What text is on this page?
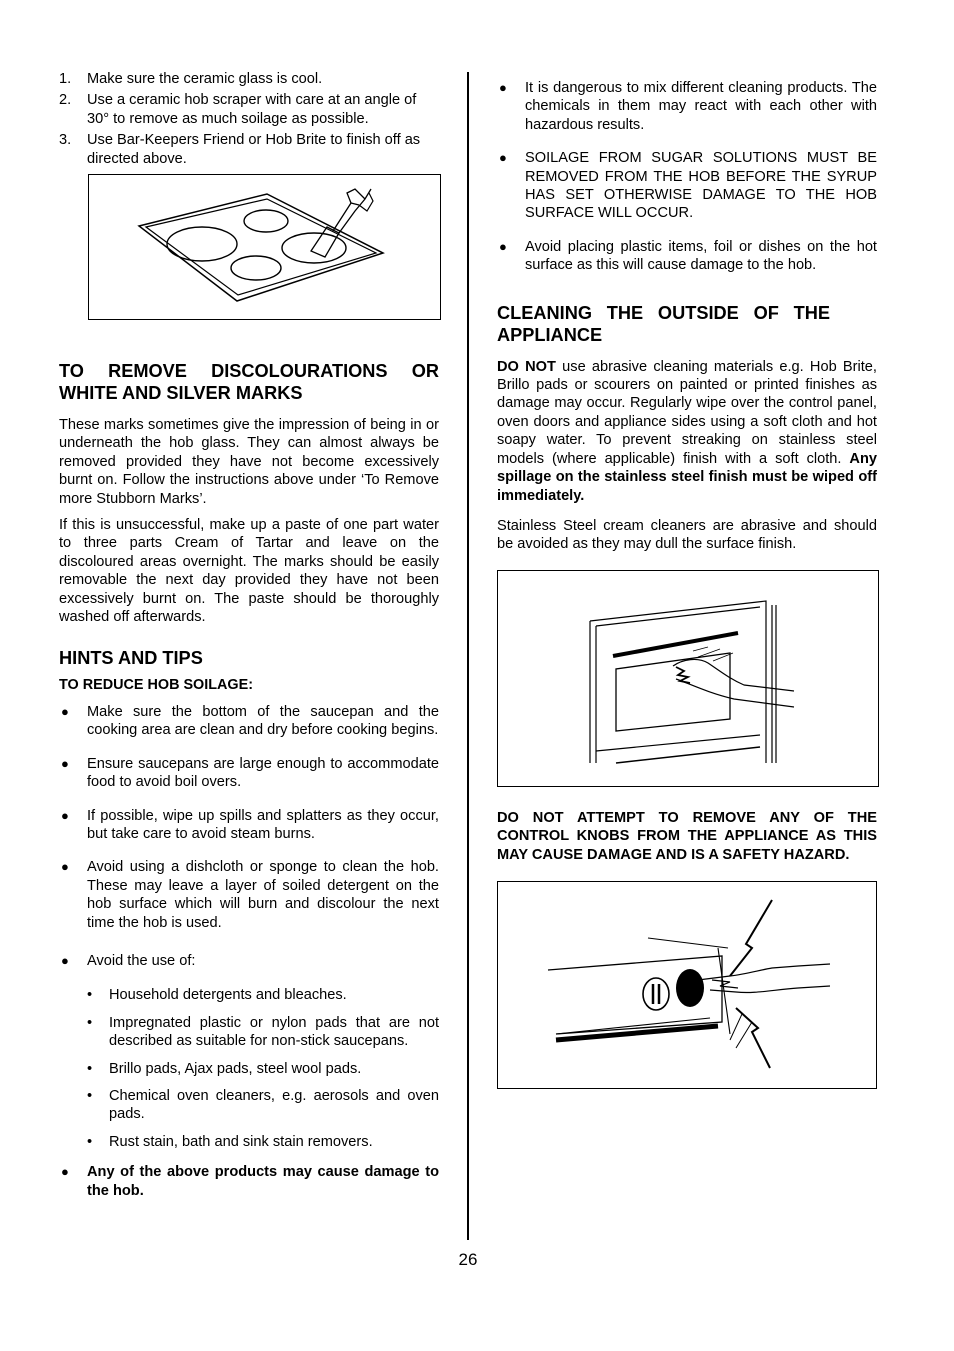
1. Make sure the ceramic glass is cool.
2. Use a ceramic hob scraper with care at an angle of 30° to remove as much soilage as possible.
3. Use Bar-Keepers Friend or Hob Brite to finish off as directed above.
TO REMOVE DISCOLOURATIONS OR
WHITE AND SILVER MARKS

These marks sometimes give the impression of being in or underneath the hob glass. They can almost always be removed provided they have not become excessively burnt on. Follow the instructions above under ‘To Remove more Stubborn Marks’.

If this is unsuccessful, make up a paste of one part water to three parts Cream of Tartar and leave on the discoloured areas overnight. The marks should be easily removable the next day provided they have not been excessively burnt on. The paste should be thoroughly washed off afterwards.

HINTS AND TIPS

TO REDUCE HOB SOILAGE:

● Make sure the bottom of the saucepan and the cooking area are clean and dry before cooking begins.
● Ensure saucepans are large enough to accommodate food to avoid boil overs.
● If possible, wipe up spills and splatters as they occur, but take care to avoid steam burns.
● Avoid using a dishcloth or sponge to clean the hob. These may leave a layer of soiled detergent on the hob surface which will burn and discolour the next time the hob is used.
● Avoid the use of:
• Household detergents and bleaches.
• Impregnated plastic or nylon pads that are not described as suitable for non-stick saucepans.
• Brillo pads, Ajax pads, steel wool pads.
• Chemical oven cleaners, e.g. aerosols and oven pads.
• Rust stain, bath and sink stain removers.
● Any of the above products may cause damage to the hob.
● It is dangerous to mix different cleaning products. The chemicals in them may react with each other with hazardous results.
● SOILAGE FROM SUGAR SOLUTIONS MUST BE REMOVED FROM THE HOB BEFORE THE SYRUP HAS SET OTHERWISE DAMAGE TO THE HOB SURFACE WILL OCCUR.
● Avoid placing plastic items, foil or dishes on the hot surface as this will cause damage to the hob.
CLEANING THE OUTSIDE OF THE
APPLIANCE

DO NOT use abrasive cleaning materials e.g. Hob Brite, Brillo pads or scourers on painted or printed finishes as damage may occur. Regularly wipe over the control panel, oven doors and appliance sides using a soft cloth and hot soapy water. To prevent streaking on stainless steel models (where applicable) finish with a soft cloth. Any spillage on the stainless steel finish must be wiped off immediately.

Stainless Steel cream cleaners are abrasive and should be avoided as they may dull the surface finish.

DO NOT ATTEMPT TO REMOVE ANY OF THE CONTROL KNOBS FROM THE APPLIANCE AS THIS MAY CAUSE DAMAGE AND IS A SAFETY HAZARD.

26
